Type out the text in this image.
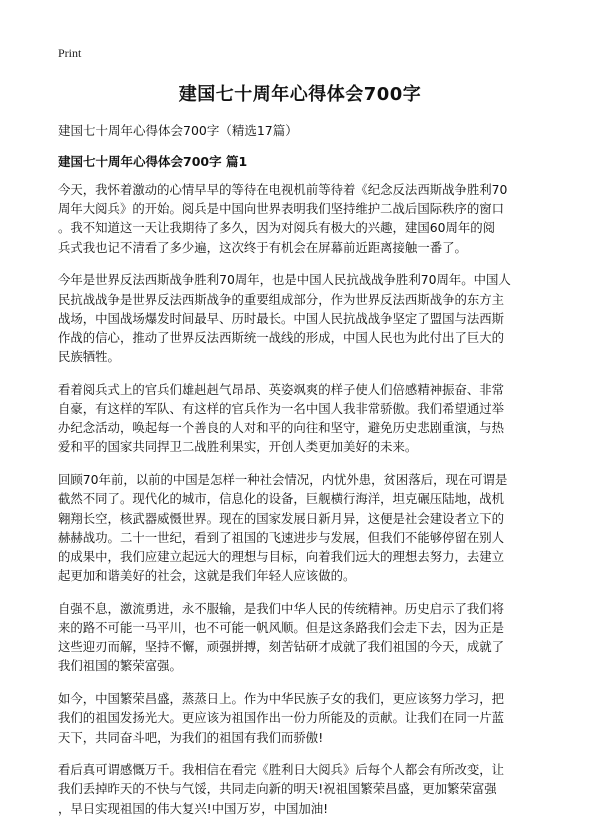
Print
建国七十周年心得体会700字
建国七十周年心得体会700字（精选17篇）
建国七十周年心得体会700字 篇1

今天，我怀着激动的心情早早的等待在电视机前等待着《纪念反法西斯战争胜利70
周年大阅兵》的开始。阅兵是中国向世界表明我们坚持维护二战后国际秩序的窗口
。我不知道这一天让我期待了多久，因为对阅兵有极大的兴趣，建国60周年的阅
兵式我也记不清看了多少遍，这次终于有机会在屏幕前近距离接触一番了。

今年是世界反法西斯战争胜利70周年，也是中国人民抗战战争胜利70周年。中国人
民抗战战争是世界反法西斯战争的重要组成部分，作为世界反法西斯战争的东方主
战场，中国战场爆发时间最早、历时最长。中国人民抗战战争坚定了盟国与法西斯
作战的信心，推动了世界反法西斯统一战线的形成，中国人民也为此付出了巨大的
民族牺牲。

看着阅兵式上的官兵们雄赳赳气昂昂、英姿飒爽的样子使人们倍感精神振奋、非常
自豪，有这样的军队、有这样的官兵作为一名中国人我非常骄傲。我们希望通过举
办纪念活动，唤起每一个善良的人对和平的向往和坚守，避免历史悲剧重演，与热
爱和平的国家共同捍卫二战胜利果实，开创人类更加美好的未来。

回顾70年前，以前的中国是怎样一种社会情况，内忧外患，贫困落后，现在可谓是
截然不同了。现代化的城市，信息化的设备，巨舰横行海洋，坦克碾压陆地，战机
翱翔长空，核武器威慑世界。现在的国家发展日新月异，这便是社会建设者立下的
赫赫战功。二十一世纪，看到了祖国的飞速进步与发展，但我们不能够停留在别人
的成果中，我们应建立起远大的理想与目标，向着我们远大的理想去努力，去建立
起更加和谐美好的社会，这就是我们年轻人应该做的。

自强不息，激流勇进，永不服输，是我们中华人民的传统精神。历史启示了我们将
来的路不可能一马平川，也不可能一帆风顺。但是这条路我们会走下去，因为正是
这些迎刃而解，坚持不懈，顽强拼搏，刻苦钻研才成就了我们祖国的今天，成就了
我们祖国的繁荣富强。

如今，中国繁荣昌盛，蒸蒸日上。作为中华民族子女的我们，更应该努力学习，把
我们的祖国发扬光大。更应该为祖国作出一份力所能及的贡献。让我们在同一片蓝
天下，共同奋斗吧，为我们的祖国有我们而骄傲!

看后真可谓感慨万千。我相信在看完《胜利日大阅兵》后每个人都会有所改变，让
我们丢掉昨天的不快与气馁，共同走向新的明天!祝祖国繁荣昌盛，更加繁荣富强
，早日实现祖国的伟大复兴!中国万岁，中国加油!
